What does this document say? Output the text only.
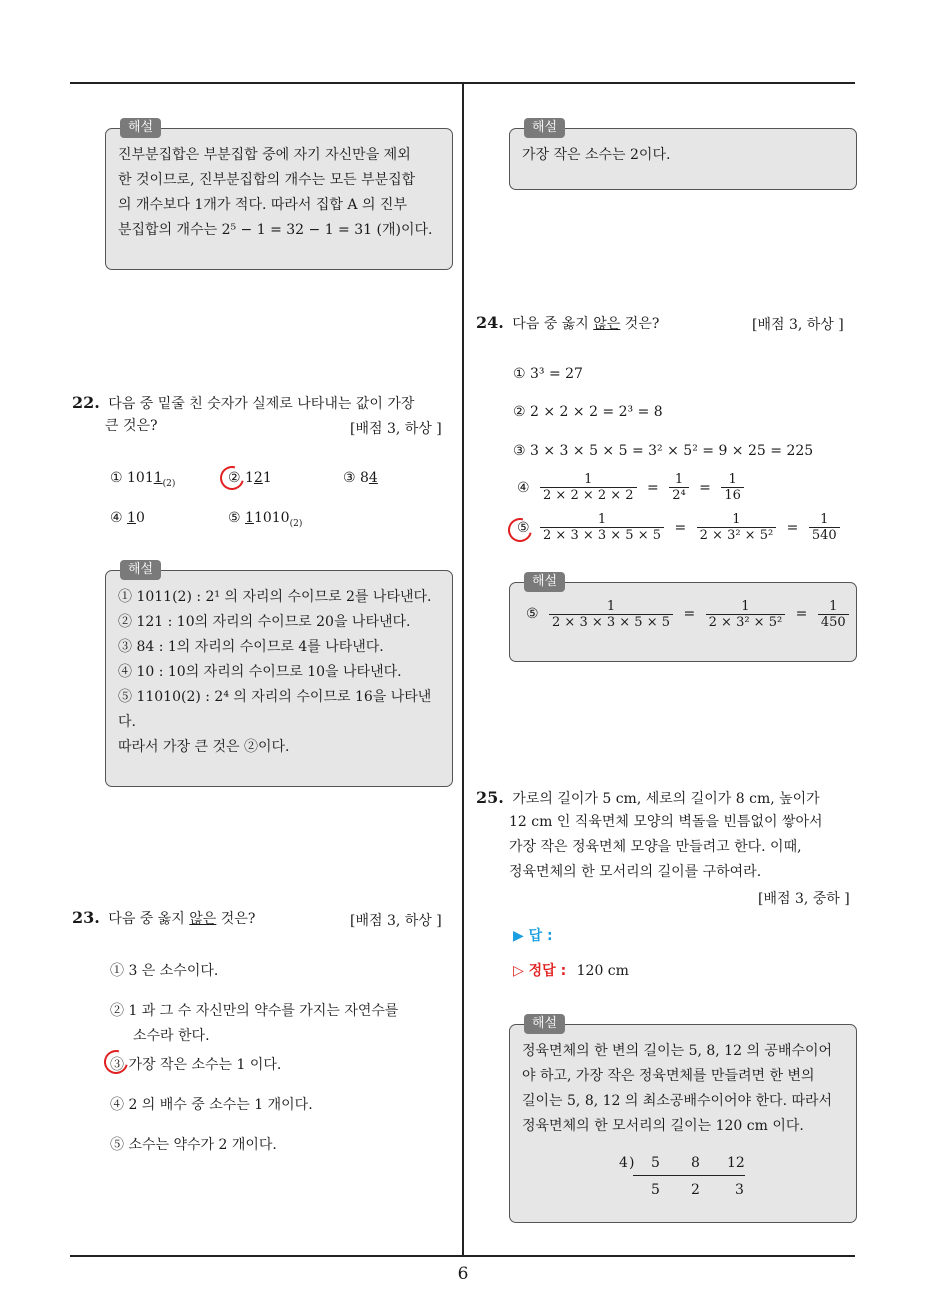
6
해설
진부분집합은 부분집합 중에 자기 자신만을 제외
한 것이므로, 진부분집합의 개수는 모든 부분집합
의 개수보다 1개가 적다. 따라서 집합 A 의 진부
분집합의 개수는 2⁵ − 1 = 32 − 1 = 31 (개)이다.
22. 다음 중 밑줄 친 숫자가 실제로 나타내는 값이 가장
큰 것은?	[배점 3, 하상 ]
① $1011_{(2)}$	② 121	③ 84
④ 10	⑤ $11010_{(2)}$
해설
① 1011(2) : 2¹ 의 자리의 수이므로 2를 나타낸다.
② 121 : 10의 자리의 수이므로 20을 나타낸다.
③ 84 : 1의 자리의 수이므로 4를 나타낸다.
④ 10 : 10의 자리의 수이므로 10을 나타낸다.
⑤ 11010(2) : 2⁴ 의 자리의 수이므로 16을 나타낸
다.
따라서 가장 큰 것은 ②이다.
23. 다음 중 옳지 않은 것은?	[배점 3, 하상 ]
① 3 은 소수이다.
② 1 과 그 수 자신만의 약수를 가지는 자연수를
소수라 한다.
③ 가장 작은 소수는 1 이다.
④ 2 의 배수 중 소수는 1 개이다.
⑤ 소수는 약수가 2 개이다.
해설
가장 작은 소수는 2이다.
24. 다음 중 옳지 않은 것은?	[배점 3, 하상 ]
① 3³ = 27
② 2 × 2 × 2 = 2³ = 8
③ 3 × 3 × 5 × 5 = 3² × 5² = 9 × 25 = 225
④ $\frac{1}{2 \times 2 \times 2 \times 2} = \frac{1}{\text{2⁴}} = \frac{1}{16}$
⑤ $\frac{1}{2 \times 3 \times 3 \times 5 \times 5} = \frac{1}{\text{2 × 3² × 5²}} = \frac{1}{540}$
해설
⑤ $\frac{1}{2 \times 3 \times 3 \times 5 \times 5} = \frac{1}{\text{2 × 3² × 5²}} = \frac{1}{450}$
25. 가로의 길이가 5 cm, 세로의 길이가 8 cm, 높이가
12 cm 인 직육면체 모양의 벽돌을 빈틈없이 쌓아서
가장 작은 정육면체 모양을 만들려고 한다. 이때,
정육면체의 한 모서리의 길이를 구하여라.
[배점 3, 중하 ]
▶ 답 :
▷ 정답 : 120 cm
해설
정육면체의 한 변의 길이는 5, 8, 12 의 공배수이어
야 하고, 가장 작은 정육면체를 만들려면 한 변의
길이는 5, 8, 12 의 최소공배수이어야 한다. 따라서
정육면체의 한 모서리의 길이는 120 cm 이다.
4 ) 5 8 12
5 2	3
